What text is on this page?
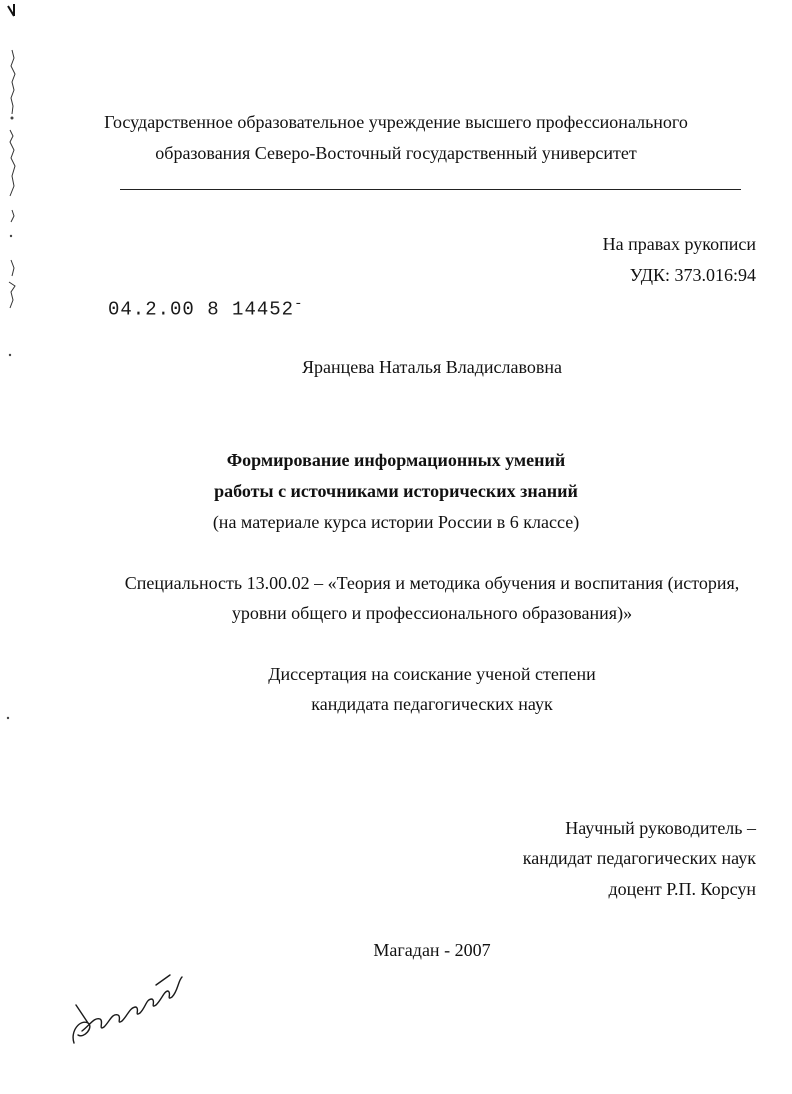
Государственное образовательное учреждение высшего профессионального
образования Северо-Восточный государственный университет
На правах рукописи
УДК: 373.016:94
04.2.00 8 14452-
Яранцева Наталья Владиславовна
Формирование информационных умений
работы с источниками исторических знаний
(на материале курса истории России в 6 классе)
Специальность 13.00.02 – «Теория и методика обучения и воспитания (история,
уровни общего и профессионального образования)»
Диссертация на соискание ученой степени
кандидата педагогических наук
Научный руководитель –
кандидат педагогических наук
доцент Р.П. Корсун
Магадан - 2007
